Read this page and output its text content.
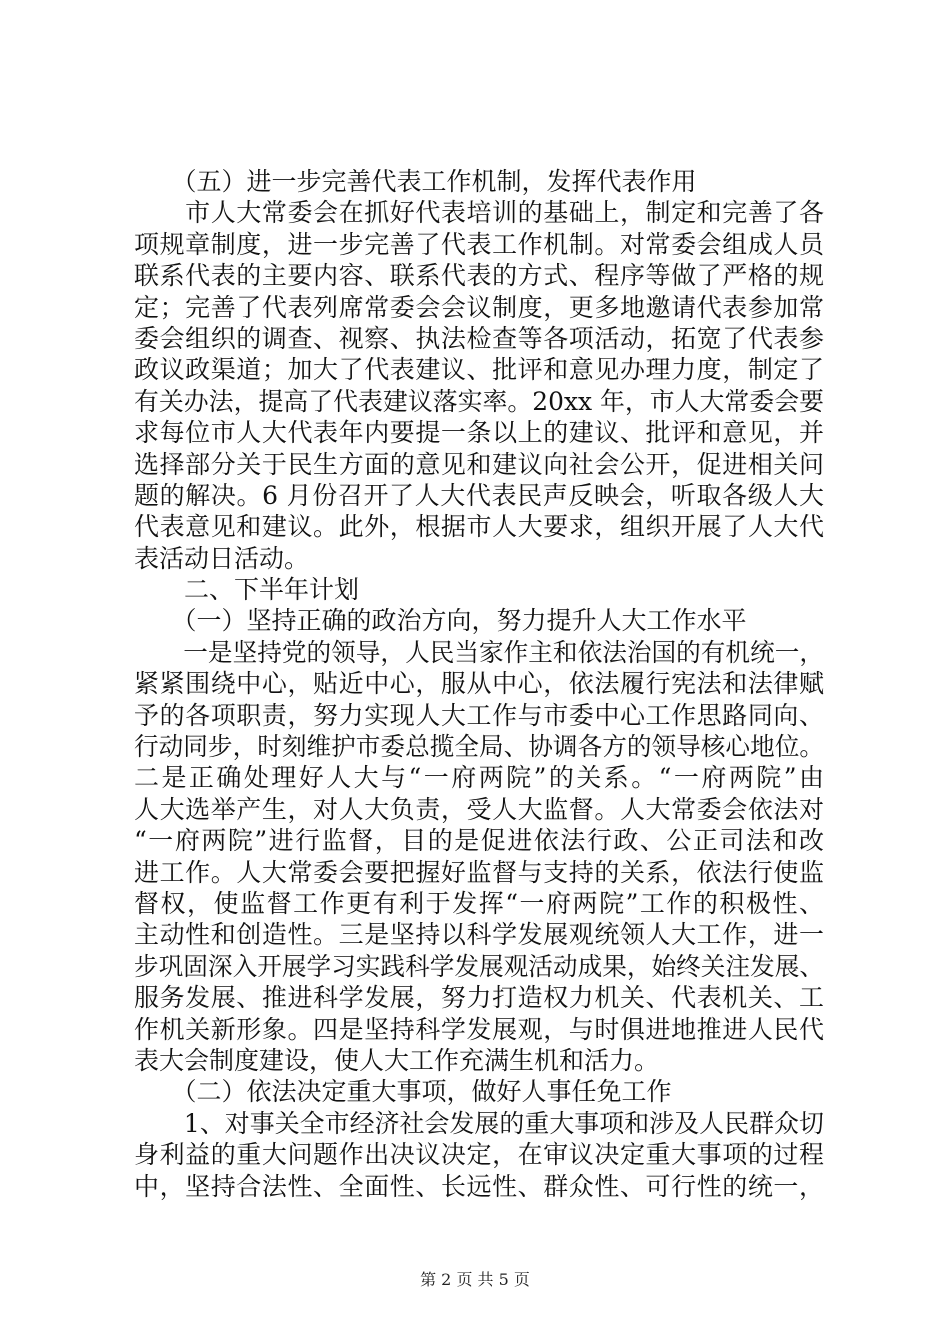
　　（五）进一步完善代表工作机制，发挥代表作用
　　市人大常委会在抓好代表培训的基础上，制定和完善了各
项规章制度，进一步完善了代表工作机制。对常委会组成人员
联系代表的主要内容、联系代表的方式、程序等做了严格的规
定；完善了代表列席常委会会议制度，更多地邀请代表参加常
委会组织的调查、视察、执法检查等各项活动，拓宽了代表参
政议政渠道；加大了代表建议、批评和意见办理力度，制定了
有关办法，提高了代表建议落实率。20xx 年，市人大常委会要
求每位市人大代表年内要提一条以上的建议、批评和意见，并
选择部分关于民生方面的意见和建议向社会公开，促进相关问
题的解决。6 月份召开了人大代表民声反映会，听取各级人大
代表意见和建议。此外，根据市人大要求，组织开展了人大代
表活动日活动。
　　二、下半年计划
　　（一）坚持正确的政治方向，努力提升人大工作水平
　　一是坚持党的领导，人民当家作主和依法治国的有机统一，
紧紧围绕中心，贴近中心，服从中心，依法履行宪法和法律赋
予的各项职责，努力实现人大工作与市委中心工作思路同向、
行动同步，时刻维护市委总揽全局、协调各方的领导核心地位。
二是正确处理好人大与“一府两院”的关系。“一府两院”由
人大选举产生，对人大负责，受人大监督。人大常委会依法对
“一府两院”进行监督，目的是促进依法行政、公正司法和改
进工作。人大常委会要把握好监督与支持的关系，依法行使监
督权，使监督工作更有利于发挥“一府两院”工作的积极性、
主动性和创造性。三是坚持以科学发展观统领人大工作，进一
步巩固深入开展学习实践科学发展观活动成果，始终关注发展、
服务发展、推进科学发展，努力打造权力机关、代表机关、工
作机关新形象。四是坚持科学发展观，与时俱进地推进人民代
表大会制度建设，使人大工作充满生机和活力。
　　（二）依法决定重大事项，做好人事任免工作
　　1、对事关全市经济社会发展的重大事项和涉及人民群众切
身利益的重大问题作出决议决定，在审议决定重大事项的过程
中，坚持合法性、全面性、长远性、群众性、可行性的统一，
第 2 页 共 5 页
